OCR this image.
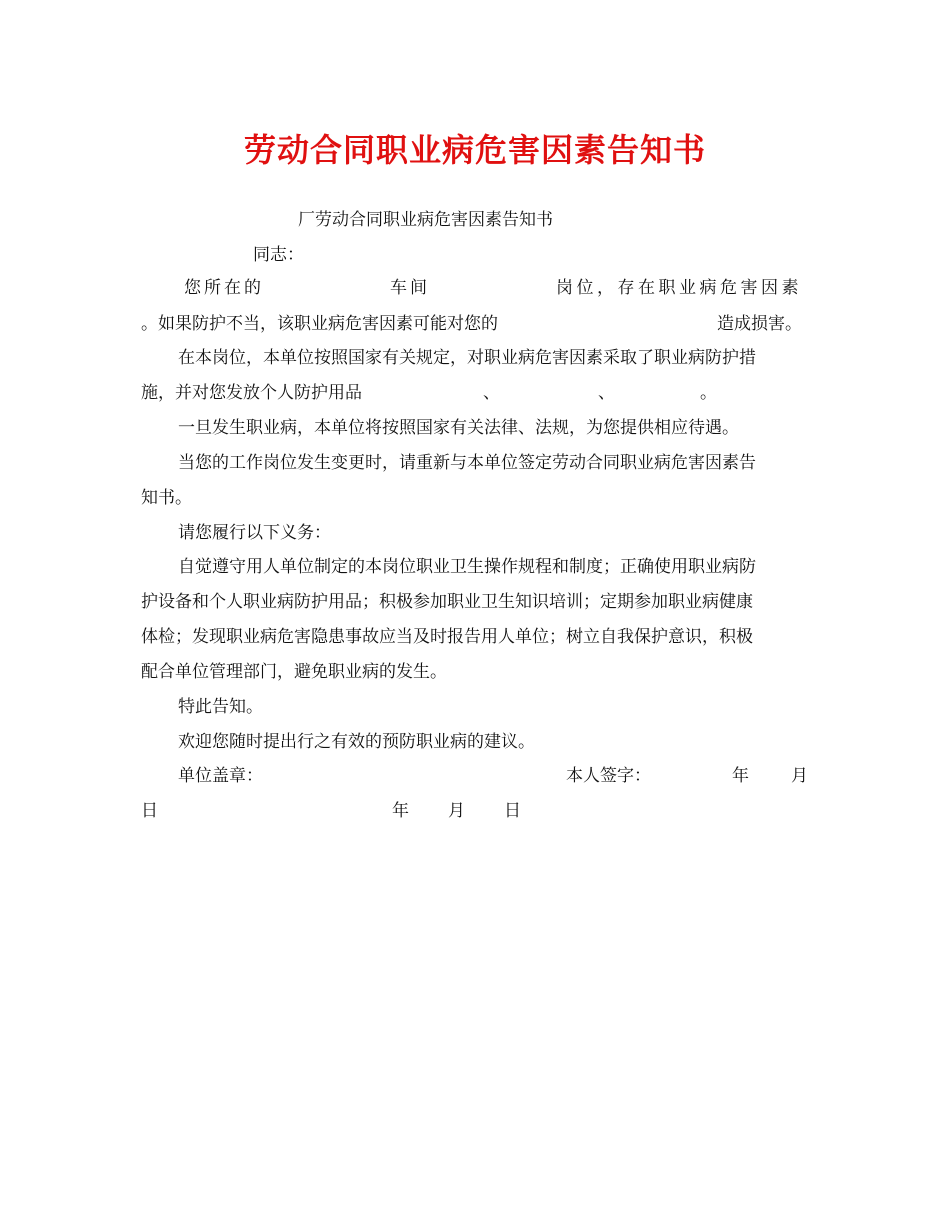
劳动合同职业病危害因素告知书
厂劳动合同职业病危害因素告知书
同志：
您所在的	车间	岗位，存在职业病危害因素
。如果防护不当，该职业病危害因素可能对您的	造成损害。
在本岗位，本单位按照国家有关规定，对职业病危害因素采取了职业病防护措
施，并对您发放个人防护用品	、	、	。
一旦发生职业病，本单位将按照国家有关法律、法规，为您提供相应待遇。
当您的工作岗位发生变更时，请重新与本单位签定劳动合同职业病危害因素告
知书。
请您履行以下义务：
自觉遵守用人单位制定的本岗位职业卫生操作规程和制度；正确使用职业病防
护设备和个人职业病防护用品；积极参加职业卫生知识培训；定期参加职业病健康
体检；发现职业病危害隐患事故应当及时报告用人单位；树立自我保护意识，积极
配合单位管理部门，避免职业病的发生。
特此告知。
欢迎您随时提出行之有效的预防职业病的建议。
单位盖章：	本人签字：	年 月
日	年 月 日
